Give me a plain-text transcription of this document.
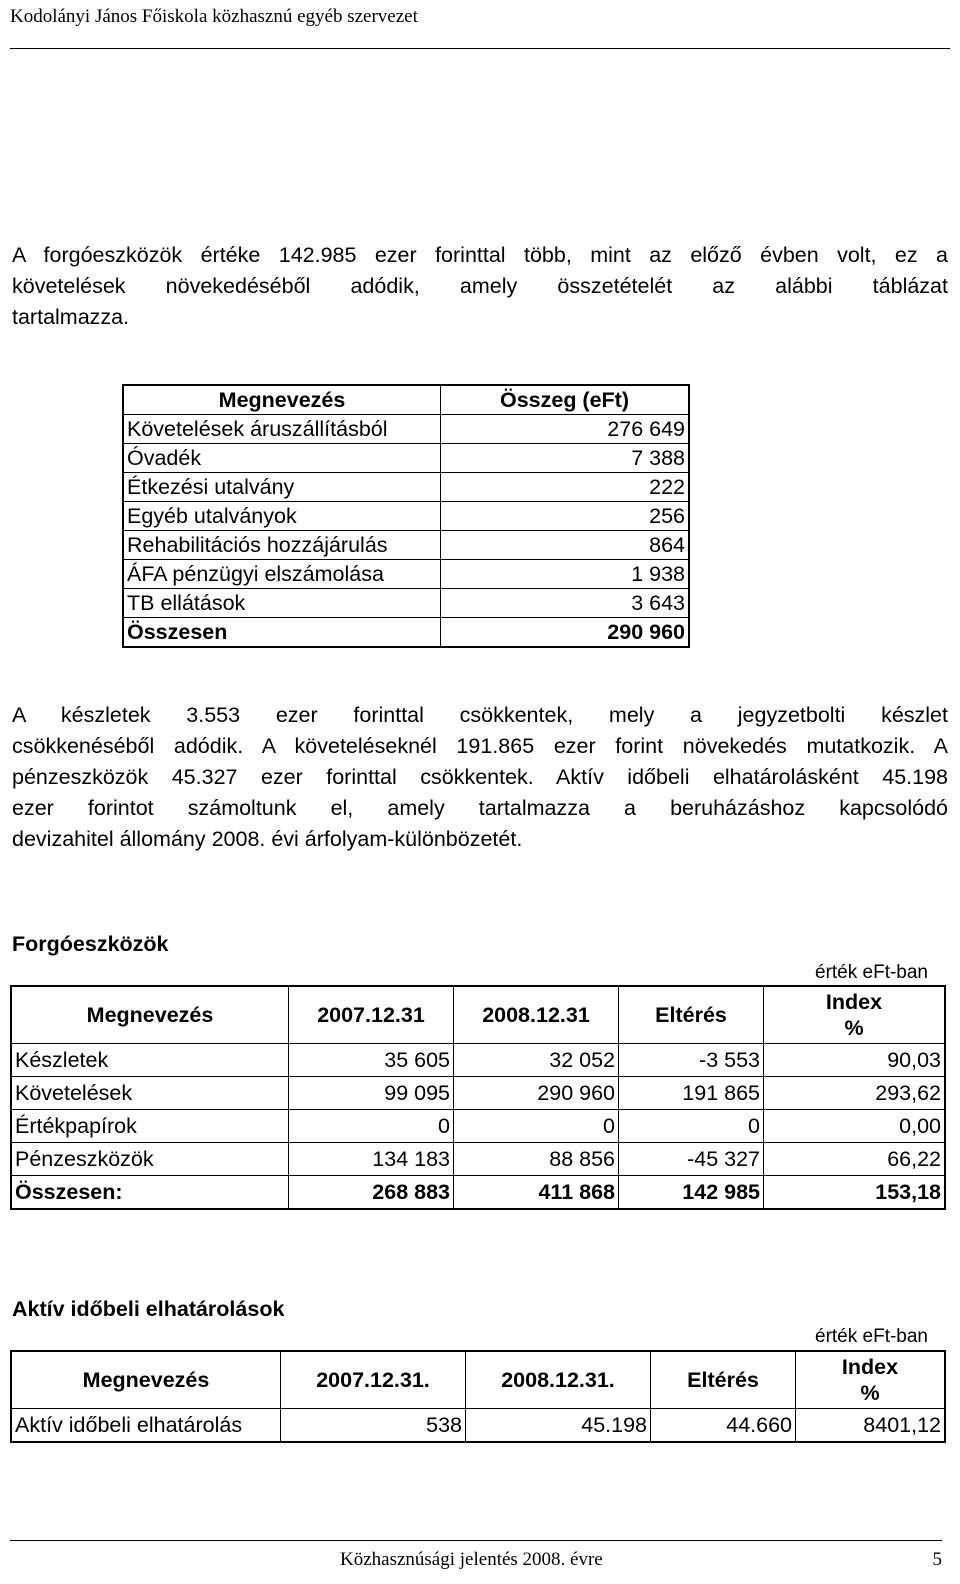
Kodolányi János Főiskola közhasznú egyéb szervezet

A forgóeszközök értéke 142.985 ezer forinttal több, mint az előző évben volt, ez a
követelések növekedéséből adódik, amely összetételét az alábbi táblázat
tartalmazza.

Megnevezés	Összeg (eFt)
Követelések áruszállításból	276 649
Óvadék	7 388
Étkezési utalvány	222
Egyéb utalványok	256
Rehabilitációs hozzájárulás	864
ÁFA pénzügyi elszámolása	1 938
TB ellátások	3 643
Összesen	290 960

A készletek 3.553 ezer forinttal csökkentek, mely a jegyzetbolti készlet
csökkenéséből adódik. A követeléseknél 191.865 ezer forint növekedés mutatkozik. A
pénzeszközök 45.327 ezer forinttal csökkentek. Aktív időbeli elhatárolásként 45.198
ezer forintot számoltunk el, amely tartalmazza a beruházáshoz kapcsolódó
devizahitel állomány 2008. évi árfolyam-különbözetét.

Forgóeszközök
érték eFt-ban
Megnevezés	2007.12.31	2008.12.31	Eltérés	Index
%
Készletek	35 605	32 052	-3 553	90,03
Követelések	99 095	290 960	191 865	293,62
Értékpapírok	0	0	0	0,00
Pénzeszközök	134 183	88 856	-45 327	66,22
Összesen:	268 883	411 868	142 985	153,18
Aktív időbeli elhatárolások
érték eFt-ban
Megnevezés	2007.12.31.	2008.12.31.	Eltérés	Index
%
Aktív időbeli elhatárolás	538	45.198	44.660	8401,12
Közhasznúsági jelentés 2008. évre	5
